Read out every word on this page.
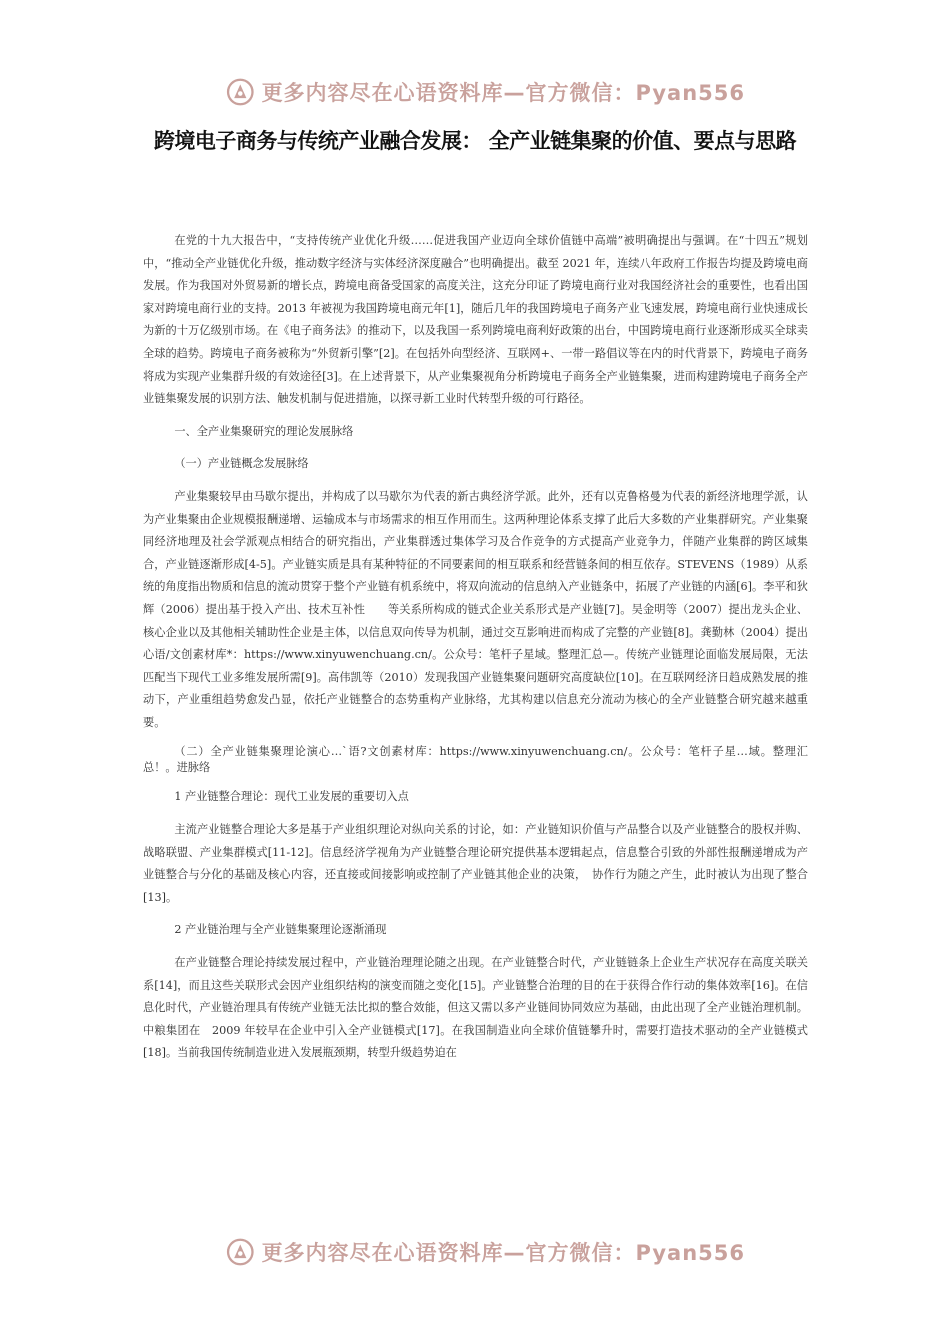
更多内容尽在心语资料库—官方微信：Pyan556
跨境电子商务与传统产业融合发展： 全产业链集聚的价值、要点与思路

在党的十九大报告中，“支持传统产业优化升级……促进我国产业迈向全球价值链中高端”被明确提出与强调。在“十四五”规划中，“推动全产业链优化升级，推动数字经济与实体经济深度融合”也明确提出。截至 2021 年，连续八年政府工作报告均提及跨境电商发展。作为我国对外贸易新的增长点，跨境电商备受国家的高度关注，这充分印证了跨境电商行业对我国经济社会的重要性，也看出国家对跨境电商行业的支持。2013 年被视为我国跨境电商元年[1]，随后几年的我国跨境电子商务产业飞速发展，跨境电商行业快速成长为新的十万亿级别市场。在《电子商务法》的推动下，以及我国一系列跨境电商利好政策的出台，中国跨境电商行业逐渐形成买全球卖全球的趋势。跨境电子商务被称为“外贸新引擎”[2]。在包括外向型经济、互联网+、一带一路倡议等在内的时代背景下，跨境电子商务将成为实现产业集群升级的有效途径[3]。在上述背景下，从产业集聚视角分析跨境电子商务全产业链集聚，进而构建跨境电子商务全产业链集聚发展的识别方法、触发机制与促进措施，以探寻新工业时代转型升级的可行路径。

一、全产业集聚研究的理论发展脉络

（一）产业链概念发展脉络

产业集聚较早由马歇尔提出，并构成了以马歇尔为代表的新古典经济学派。此外，还有以克鲁格曼为代表的新经济地理学派，认为产业集聚由企业规模报酬递增、运输成本与市场需求的相互作用而生。这两种理论体系支撑了此后大多数的产业集群研究。产业集聚同经济地理及社会学派观点相结合的研究指出，产业集群透过集体学习及合作竞争的方式提高产业竞争力，伴随产业集群的跨区域集合，产业链逐渐形成[4-5]。产业链实质是具有某种特征的不同要素间的相互联系和经营链条间的相互依存。STEVENS（1989）从系统的角度指出物质和信息的流动贯穿于整个产业链有机系统中，将双向流动的信息纳入产业链条中，拓展了产业链的内涵[6]。李平和狄辉（2006）提出基于投入产出、技术互补性　　等关系所构成的链式企业关系形式是产业链[7]。吴金明等（2007）提出龙头企业、核心企业以及其他相关辅助性企业是主体，以信息双向传导为机制，通过交互影响进而构成了完整的产业链[8]。龚勤林（2004）提出心语/文创素材库*：https://www.xinyuwenchuang.cn/。公众号：笔杆子星域。整理汇总—。传统产业链理论面临发展局限，无法匹配当下现代工业多维发展所需[9]。高伟凯等（2010）发现我国产业链集聚问题研究高度缺位[10]。在互联网经济日趋成熟发展的推动下，产业重组趋势愈发凸显，依托产业链整合的态势重构产业脉络，尤其构建以信息充分流动为核心的全产业链整合研究越来越重要。

（二）全产业链集聚理论演心…`语?文创素材库：https://www.xinyuwenchuang.cn/。公众号：笔杆子星…域。整理汇总！。进脉络

1 产业链整合理论：现代工业发展的重要切入点

主流产业链整合理论大多是基于产业组织理论对纵向关系的讨论，如：产业链知识价值与产品整合以及产业链整合的股权并购、战略联盟、产业集群模式[11-12]。信息经济学视角为产业链整合理论研究提供基本逻辑起点，信息整合引致的外部性报酬递增成为产业链整合与分化的基础及核心内容，还直接或间接影响或控制了产业链其他企业的决策，　协作行为随之产生，此时被认为出现了整合 [13]。

2 产业链治理与全产业链集聚理论逐渐涌现

在产业链整合理论持续发展过程中，产业链治理理论随之出现。在产业链整合时代，产业链链条上企业生产状况存在高度关联关系[14]，而且这些关联形式会因产业组织结构的演变而随之变化[15]。产业链整合治理的目的在于获得合作行动的集体效率[16]。在信息化时代，产业链治理具有传统产业链无法比拟的整合效能，但这又需以多产业链间协同效应为基础，由此出现了全产业链治理机制。中粮集团在　2009 年较早在企业中引入全产业链模式[17]。在我国制造业向全球价值链攀升时，需要打造技术驱动的全产业链模式[18]。当前我国传统制造业进入发展瓶颈期，转型升级趋势迫在

更多内容尽在心语资料库—官方微信：Pyan556
